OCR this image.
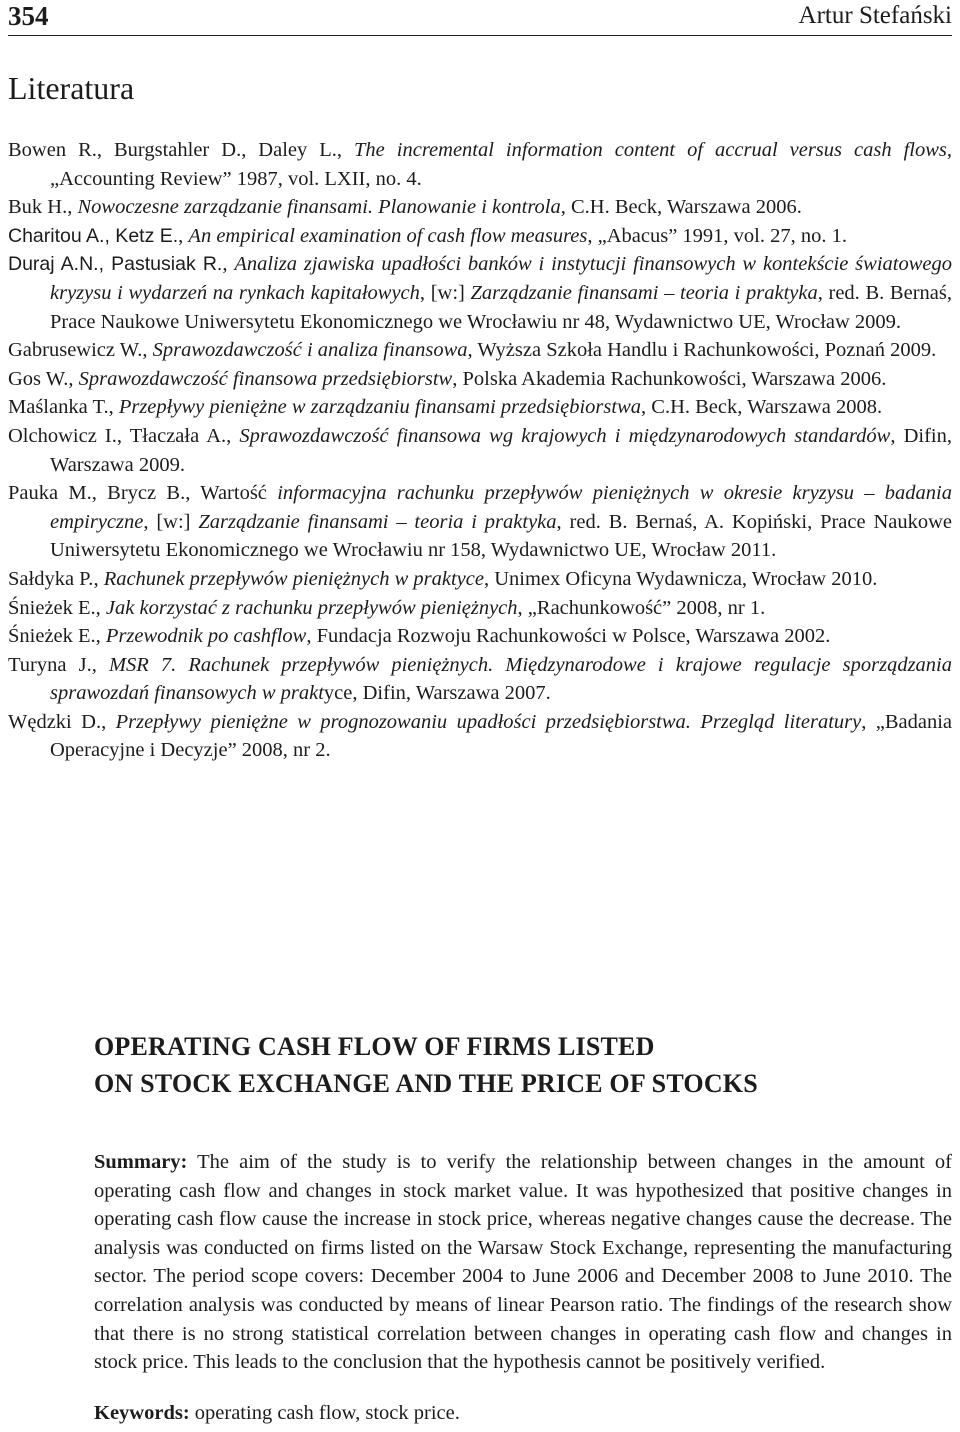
354	Artur Stefański
Literatura
Bowen R., Burgstahler D., Daley L., The incremental information content of accrual versus cash flows, „Accounting Review” 1987, vol. LXII, no. 4.
Buk H., Nowoczesne zarządzanie finansami. Planowanie i kontrola, C.H. Beck, Warszawa 2006.
Charitou A., Ketz E., An empirical examination of cash flow measures, „Abacus” 1991, vol. 27, no. 1.
Duraj A.N., Pastusiak R., Analiza zjawiska upadłości banków i instytucji finansowych w kontekście światowego kryzysu i wydarzeń na rynkach kapitałowych, [w:] Zarządzanie finansami – teoria i praktyka, red. B. Bernaś, Prace Naukowe Uniwersytetu Ekonomicznego we Wrocławiu nr 48, Wydawnictwo UE, Wrocław 2009.
Gabrusewicz W., Sprawozdawczość i analiza finansowa, Wyższa Szkoła Handlu i Rachunkowości, Poznań 2009.
Gos W., Sprawozdawczość finansowa przedsiębiorstw, Polska Akademia Rachunkowości, Warszawa 2006.
Maślanka T., Przepływy pieniężne w zarządzaniu finansami przedsiębiorstwa, C.H. Beck, Warszawa 2008.
Olchowicz I., Tłaczała A., Sprawozdawczość finansowa wg krajowych i międzynarodowych standardów, Difin, Warszawa 2009.
Pauka M., Brycz B., Wartość informacyjna rachunku przepływów pieniężnych w okresie kryzysu – badania empiryczne, [w:] Zarządzanie finansami – teoria i praktyka, red. B. Bernaś, A. Kopiński, Prace Naukowe Uniwersytetu Ekonomicznego we Wrocławiu nr 158, Wydawnictwo UE, Wrocław 2011.
Sałdyka P., Rachunek przepływów pieniężnych w praktyce, Unimex Oficyna Wydawnicza, Wrocław 2010.
Śnieżek E., Jak korzystać z rachunku przepływów pieniężnych, „Rachunkowość” 2008, nr 1.
Śnieżek E., Przewodnik po cashflow, Fundacja Rozwoju Rachunkowości w Polsce, Warszawa 2002.
Turyna J., MSR 7. Rachunek przepływów pieniężnych. Międzynarodowe i krajowe regulacje sporządzania sprawozdań finansowych w praktyce, Difin, Warszawa 2007.
Wędzki D., Przepływy pieniężne w prognozowaniu upadłości przedsiębiorstwa. Przegląd literatury, „Badania Operacyjne i Decyzje” 2008, nr 2.
OPERATING CASH FLOW OF FIRMS LISTED
ON STOCK EXCHANGE AND THE PRICE OF STOCKS

Summary: The aim of the study is to verify the relationship between changes in the amount of operating cash flow and changes in stock market value. It was hypothesized that positive changes in operating cash flow cause the increase in stock price, whereas negative changes cause the decrease. The analysis was conducted on firms listed on the Warsaw Stock Exchange, representing the manufacturing sector. The period scope covers: December 2004 to June 2006 and December 2008 to June 2010. The correlation analysis was conducted by means of linear Pearson ratio. The findings of the research show that there is no strong statistical correlation between changes in operating cash flow and changes in stock price. This leads to the conclusion that the hypothesis cannot be positively verified.

Keywords: operating cash flow, stock price.
